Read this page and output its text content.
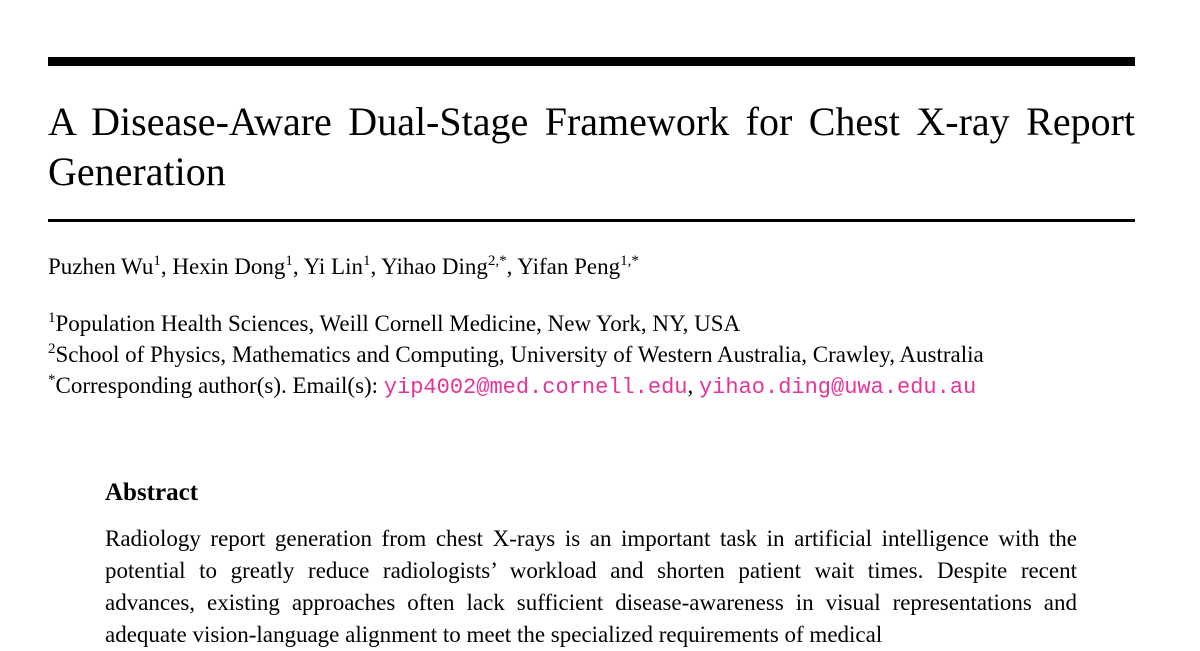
A Disease-Aware Dual-Stage Framework for Chest X-ray Report Generation
Puzhen Wu$^1$, Hexin Dong$^1$, Yi Lin$^1$, Yihao Ding$^{2,*}$, Yifan Peng$^{1,*}$
$^1$Population Health Sciences, Weill Cornell Medicine, New York, NY, USA
$^2$School of Physics, Mathematics and Computing, University of Western Australia, Crawley, Australia
*Corresponding author(s). Email(s): yip4002@med.cornell.edu, yihao.ding@uwa.edu.au
Abstract

Radiology report generation from chest X-rays is an important task in artificial intelligence with the potential to greatly reduce radiologists’ workload and shorten patient wait times. Despite recent advances, existing approaches often lack sufficient disease-awareness in visual representations and adequate vision-language alignment to meet the specialized requirements of medical
